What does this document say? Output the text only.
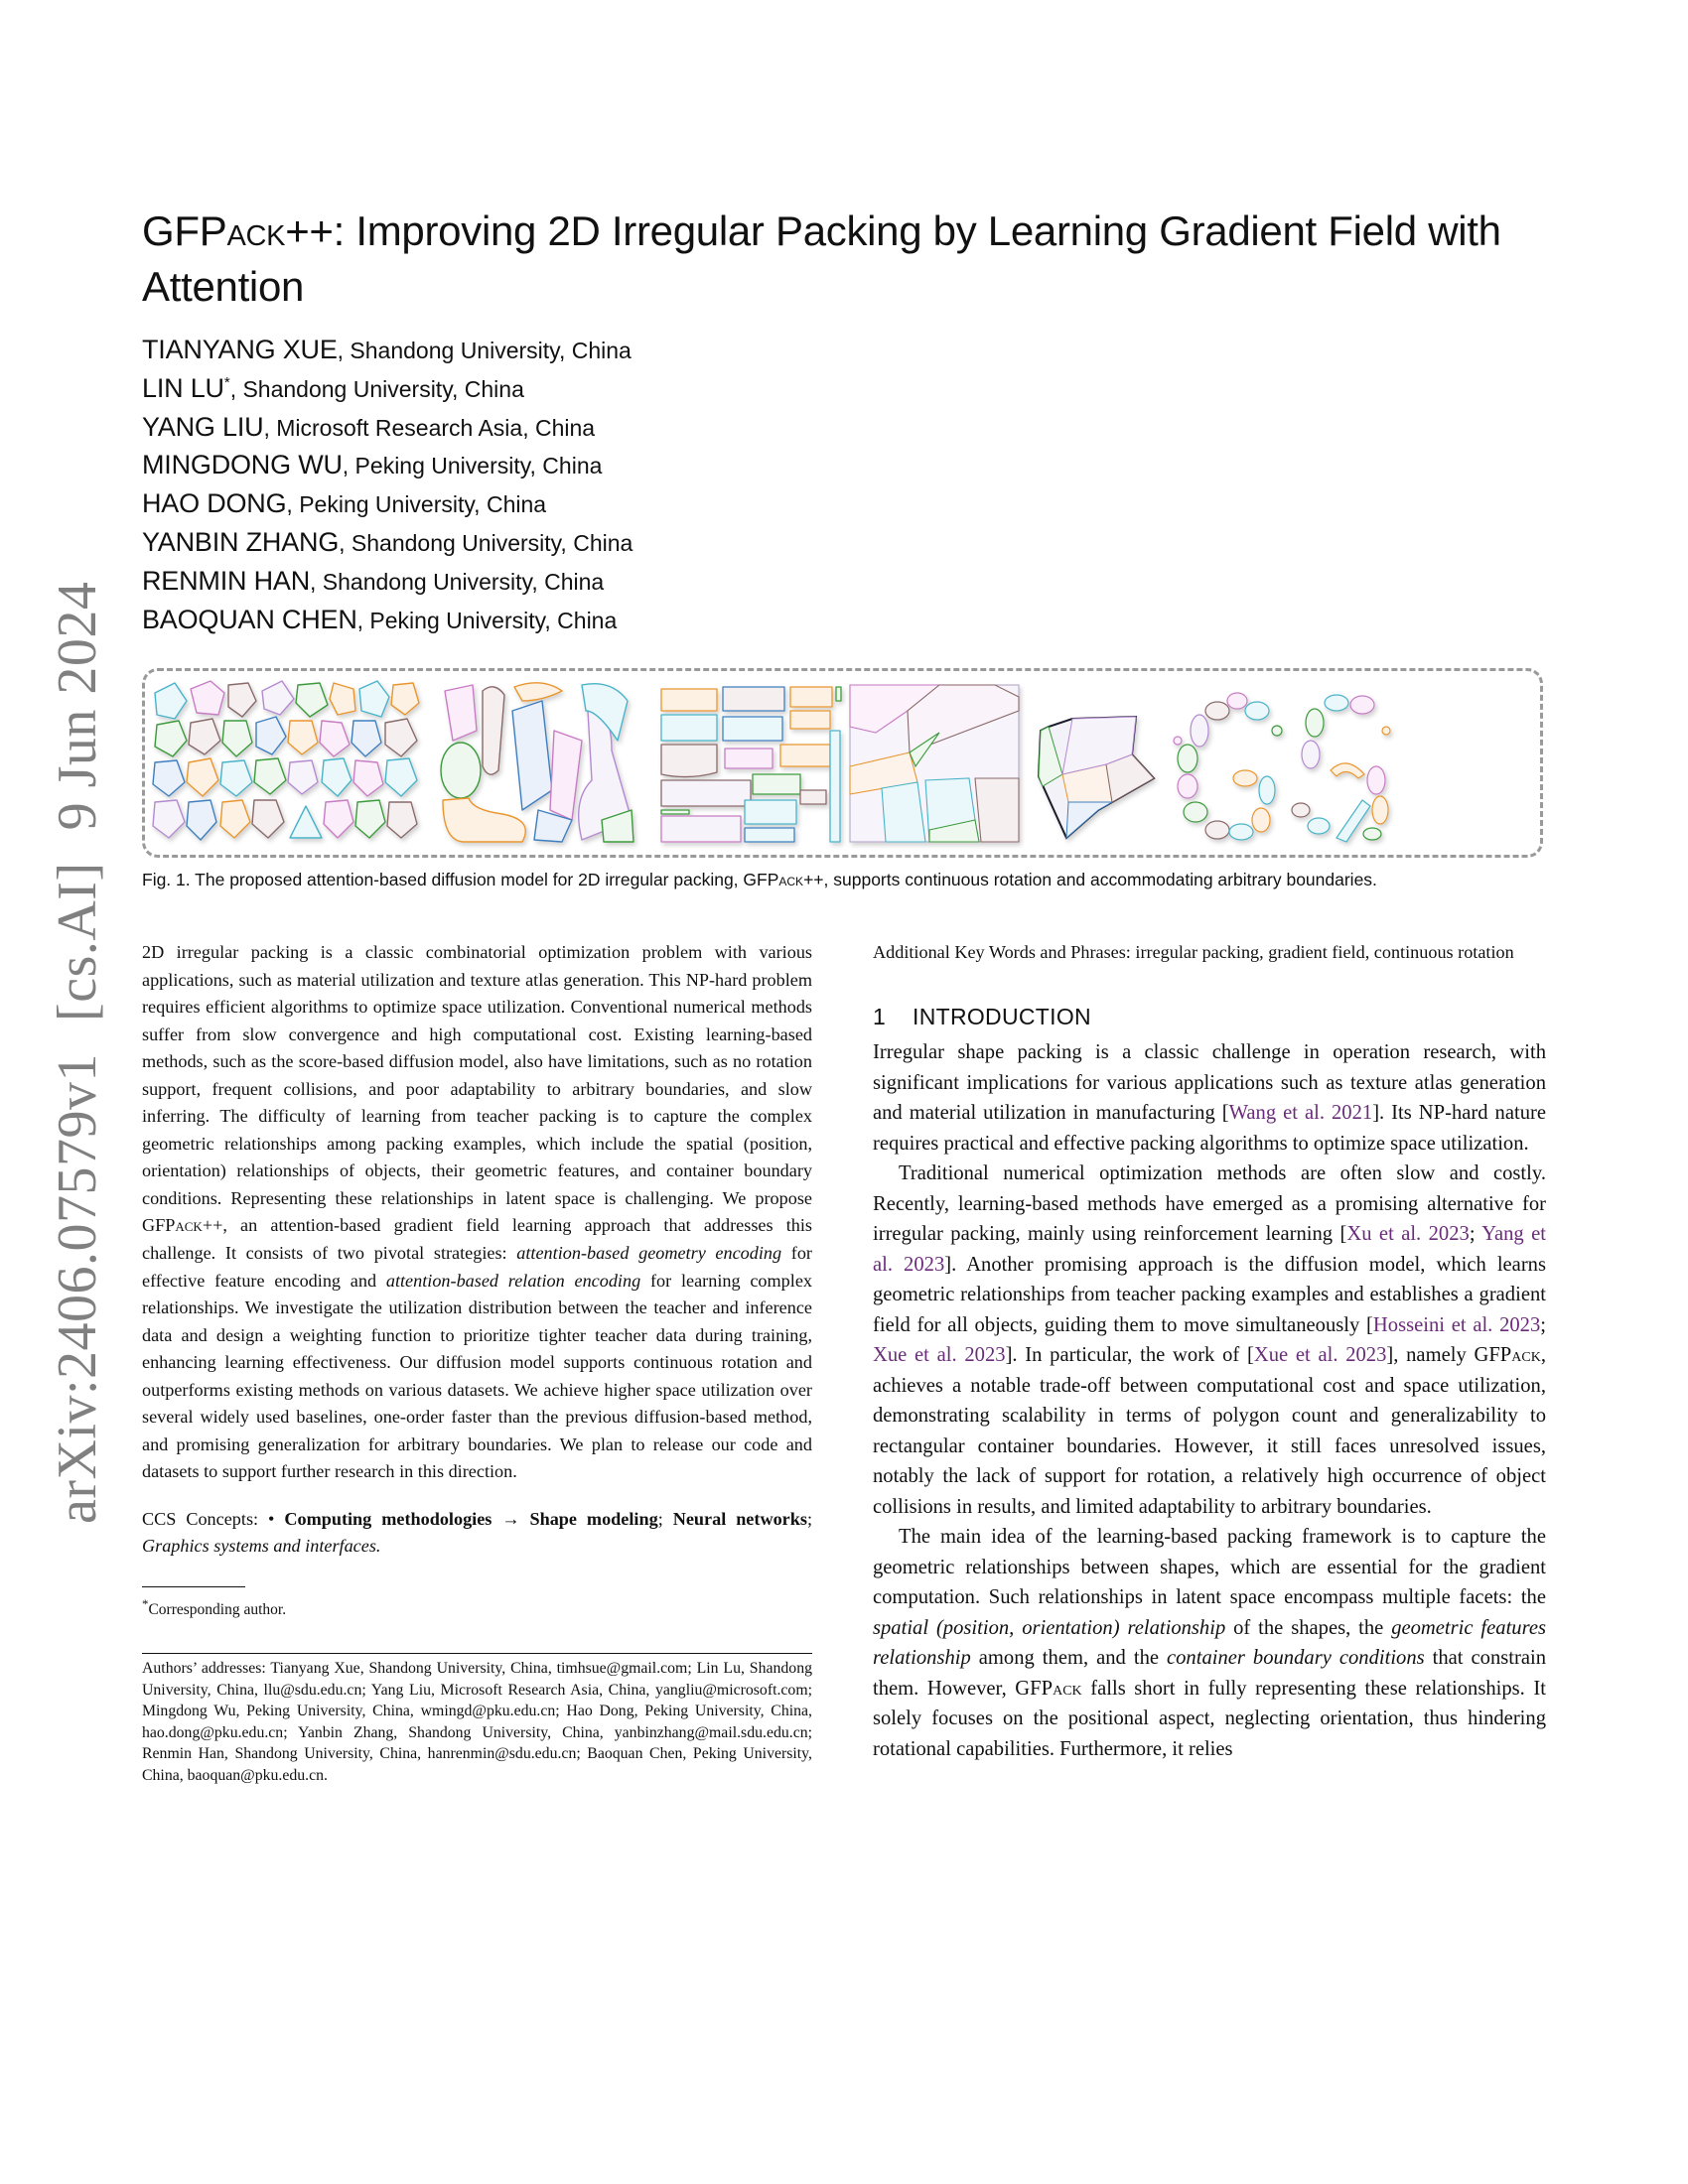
arXiv:2406.07579v1[cs.AI]9 Jun 2024
GFPack++: Improving 2D Irregular Packing by Learning Gradient Field with Attention
TIANYANG XUE, Shandong University, China
LIN LU*, Shandong University, China
YANG LIU, Microsoft Research Asia, China
MINGDONG WU, Peking University, China
HAO DONG, Peking University, China
YANBIN ZHANG, Shandong University, China
RENMIN HAN, Shandong University, China
BAOQUAN CHEN, Peking University, China
Fig. 1. The proposed attention-based diffusion model for 2D irregular packing, GFPack++, supports continuous rotation and accommodating arbitrary boundaries.

2D irregular packing is a classic combinatorial optimization problem with various applications, such as material utilization and texture atlas generation. This NP-hard problem requires efficient algorithms to optimize space utilization. Conventional numerical methods suffer from slow convergence and high computational cost. Existing learning-based methods, such as the score-based diffusion model, also have limitations, such as no rotation support, frequent collisions, and poor adaptability to arbitrary boundaries, and slow inferring. The difficulty of learning from teacher packing is to capture the complex geometric relationships among packing examples, which include the spatial (position, orientation) relationships of objects, their geometric features, and container boundary conditions. Representing these relationships in latent space is challenging. We propose GFPack++, an attention-based gradient field learning approach that addresses this challenge. It consists of two pivotal strategies: attention-based geometry encoding for effective feature encoding and attention-based relation encoding for learning complex relationships. We investigate the utilization distribution between the teacher and inference data and design a weighting function to prioritize tighter teacher data during training, enhancing learning effectiveness. Our diffusion model supports continuous rotation and outperforms existing methods on various datasets. We achieve higher space utilization over several widely used baselines, one-order faster than the previous diffusion-based method, and promising generalization for arbitrary boundaries. We plan to release our code and datasets to support further research in this direction.

CCS Concepts: • Computing methodologies → Shape modeling; Neural networks; Graphics systems and interfaces.

*Corresponding author.

Authors’ addresses: Tianyang Xue, Shandong University, China, timhsue@gmail.com; Lin Lu, Shandong University, China, llu@sdu.edu.cn; Yang Liu, Microsoft Research Asia, China, yangliu@microsoft.com; Mingdong Wu, Peking University, China, wmingd@pku.edu.cn; Hao Dong, Peking University, China, hao.dong@pku.edu.cn; Yanbin Zhang, Shandong University, China, yanbinzhang@mail.sdu.edu.cn; Renmin Han, Shandong University, China, hanrenmin@sdu.edu.cn; Baoquan Chen, Peking University, China, baoquan@pku.edu.cn.

Additional Key Words and Phrases: irregular packing, gradient field, continuous rotation

1 INTRODUCTION

Irregular shape packing is a classic challenge in operation research, with significant implications for various applications such as texture atlas generation and material utilization in manufacturing [Wang et al. 2021]. Its NP-hard nature requires practical and effective packing algorithms to optimize space utilization.

Traditional numerical optimization methods are often slow and costly. Recently, learning-based methods have emerged as a promising alternative for irregular packing, mainly using reinforcement learning [Xu et al. 2023; Yang et al. 2023]. Another promising approach is the diffusion model, which learns geometric relationships from teacher packing examples and establishes a gradient field for all objects, guiding them to move simultaneously [Hosseini et al. 2023; Xue et al. 2023]. In particular, the work of [Xue et al. 2023], namely GFPack, achieves a notable trade-off between computational cost and space utilization, demonstrating scalability in terms of polygon count and generalizability to rectangular container boundaries. However, it still faces unresolved issues, notably the lack of support for rotation, a relatively high occurrence of object collisions in results, and limited adaptability to arbitrary boundaries.

The main idea of the learning-based packing framework is to capture the geometric relationships between shapes, which are essential for the gradient computation. Such relationships in latent space encompass multiple facets: the spatial (position, orientation) relationship of the shapes, the geometric features relationship among them, and the container boundary conditions that constrain them. However, GFPack falls short in fully representing these relationships. It solely focuses on the positional aspect, neglecting orientation, thus hindering rotational capabilities. Furthermore, it relies
